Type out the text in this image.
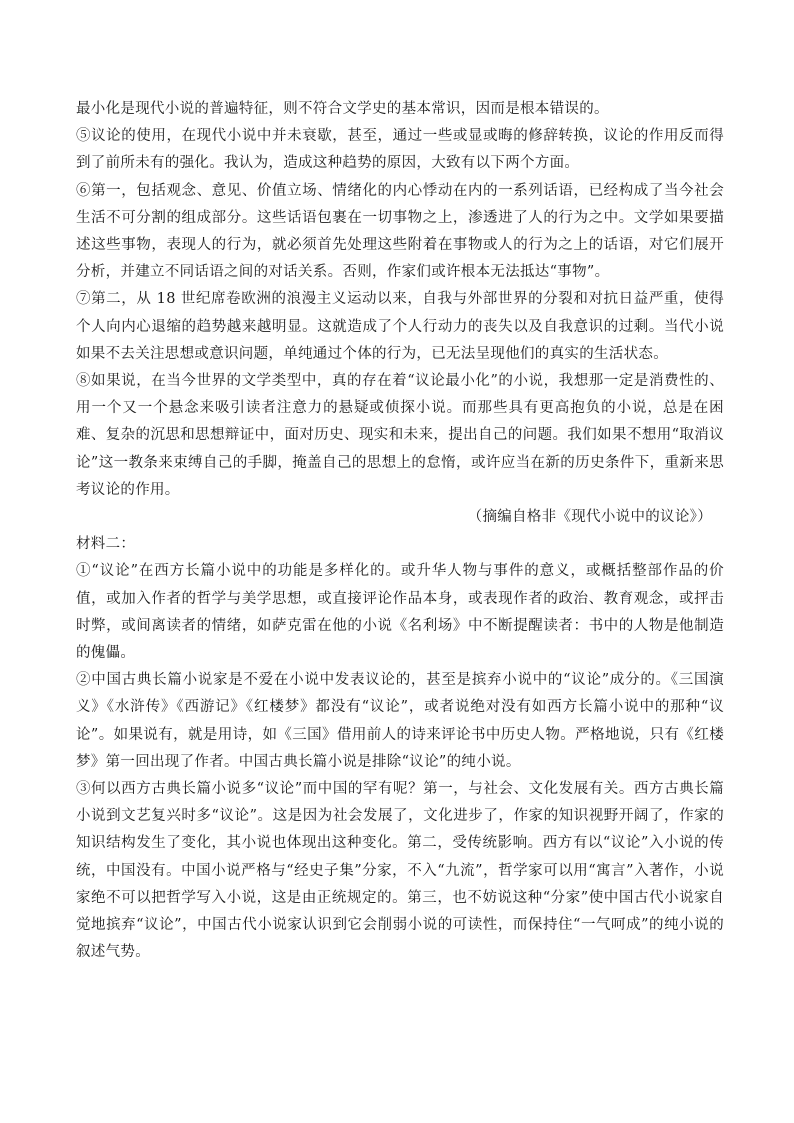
最小化是现代小说的普遍特征，则不符合文学史的基本常识，因而是根本错误的。

⑤议论的使用，在现代小说中并未衰歇，甚至，通过一些或显或晦的修辞转换，议论的作用反而得到了前所未有的强化。我认为，造成这种趋势的原因，大致有以下两个方面。

⑥第一，包括观念、意见、价值立场、情绪化的内心悸动在内的一系列话语，已经构成了当今社会生活不可分割的组成部分。这些话语包裹在一切事物之上，渗透进了人的行为之中。文学如果要描述这些事物，表现人的行为，就必须首先处理这些附着在事物或人的行为之上的话语，对它们展开分析，并建立不同话语之间的对话关系。否则，作家们或许根本无法抵达“事物”。

⑦第二，从 18 世纪席卷欧洲的浪漫主义运动以来，自我与外部世界的分裂和对抗日益严重，使得个人向内心退缩的趋势越来越明显。这就造成了个人行动力的丧失以及自我意识的过剩。当代小说如果不去关注思想或意识问题，单纯通过个体的行为，已无法呈现他们的真实的生活状态。

⑧如果说，在当今世界的文学类型中，真的存在着“议论最小化”的小说，我想那一定是消费性的、用一个又一个悬念来吸引读者注意力的悬疑或侦探小说。而那些具有更高抱负的小说，总是在困难、复杂的沉思和思想辩证中，面对历史、现实和未来，提出自己的问题。我们如果不想用“取消议论”这一教条来束缚自己的手脚，掩盖自己的思想上的怠惰，或许应当在新的历史条件下，重新来思考议论的作用。

（摘编自格非《现代小说中的议论》）

材料二：

①“议论”在西方长篇小说中的功能是多样化的。或升华人物与事件的意义，或概括整部作品的价值，或加入作者的哲学与美学思想，或直接评论作品本身，或表现作者的政治、教育观念，或抨击时弊，或间离读者的情绪，如萨克雷在他的小说《名利场》中不断提醒读者：书中的人物是他制造的傀儡。

②中国古典长篇小说家是不爱在小说中发表议论的，甚至是摈弃小说中的“议论”成分的。《三国演义》《水浒传》《西游记》《红楼梦》都没有“议论”，或者说绝对没有如西方长篇小说中的那种“议论”。如果说有，就是用诗，如《三国》借用前人的诗来评论书中历史人物。严格地说，只有《红楼梦》第一回出现了作者。中国古典长篇小说是排除“议论”的纯小说。

③何以西方古典长篇小说多“议论”而中国的罕有呢？第一，与社会、文化发展有关。西方古典长篇小说到文艺复兴时多“议论”。这是因为社会发展了，文化进步了，作家的知识视野开阔了，作家的知识结构发生了变化，其小说也体现出这种变化。第二，受传统影响。西方有以“议论”入小说的传统，中国没有。中国小说严格与“经史子集”分家，不入“九流”，哲学家可以用“寓言”入著作，小说家绝不可以把哲学写入小说，这是由正统规定的。第三，也不妨说这种“分家”使中国古代小说家自觉地摈弃“议论”，中国古代小说家认识到它会削弱小说的可读性，而保持住“一气呵成”的纯小说的叙述气势。
